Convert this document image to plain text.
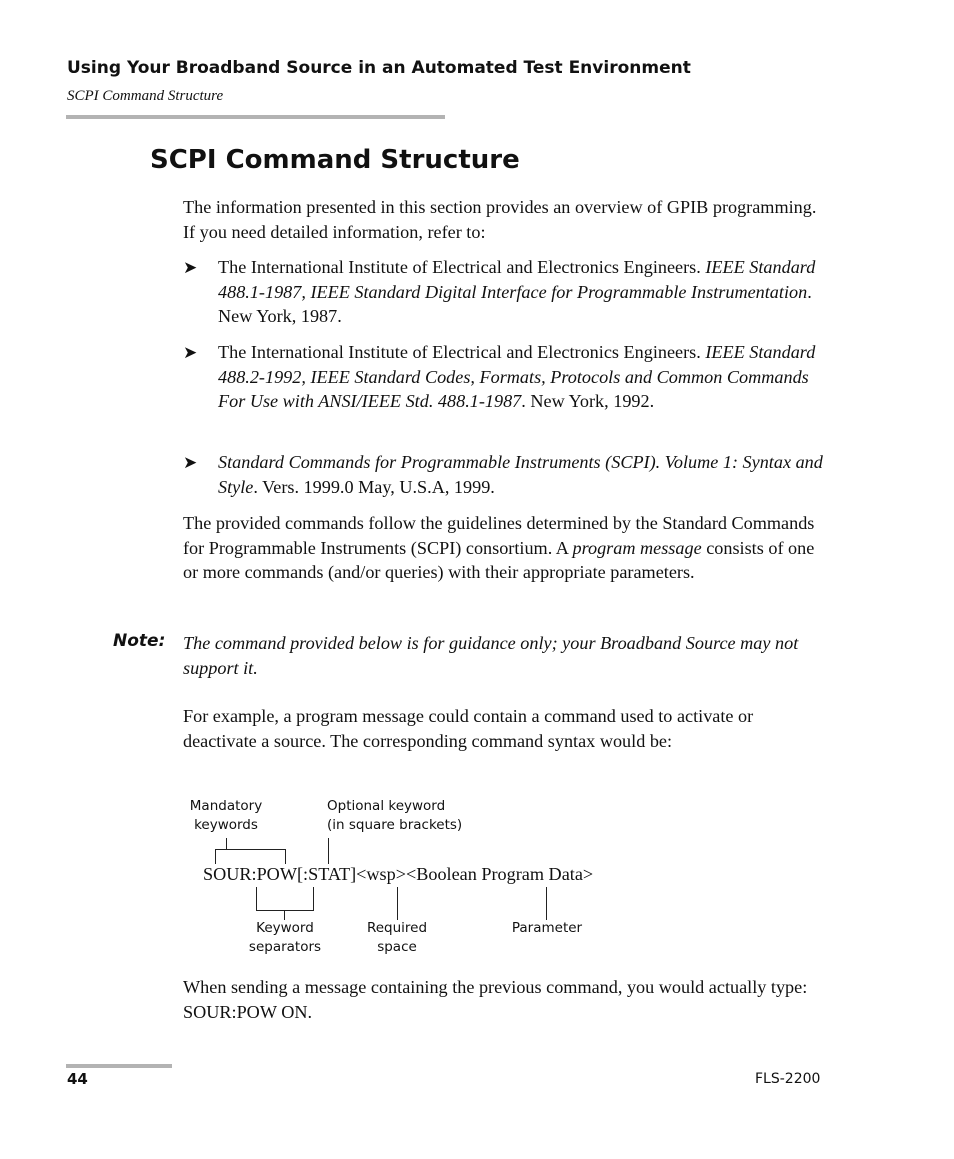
Using Your Broadband Source in an Automated Test Environment
SCPI Command Structure
SCPI Command Structure
The information presented in this section provides an overview of GPIB programming. If you need detailed information, refer to:
➤ The International Institute of Electrical and Electronics Engineers. IEEE Standard 488.1-1987, IEEE Standard Digital Interface for Programmable Instrumentation. New York, 1987.
➤ The International Institute of Electrical and Electronics Engineers. IEEE Standard 488.2-1992, IEEE Standard Codes, Formats, Protocols and Common Commands For Use with ANSI/IEEE Std. 488.1-1987. New York, 1992.
➤ Standard Commands for Programmable Instruments (SCPI). Volume 1: Syntax and Style. Vers. 1999.0 May, U.S.A, 1999.
The provided commands follow the guidelines determined by the Standard Commands for Programmable Instruments (SCPI) consortium. A program message consists of one or more commands (and/or queries) with their appropriate parameters.
Note: The command provided below is for guidance only; your Broadband Source may not support it.
For example, a program message could contain a command used to activate or deactivate a source. The corresponding command syntax would be:
Mandatory
keywords
Optional keyword
(in square brackets)
SOUR:POW[:STAT]<wsp><Boolean Program Data>
Keyword
separators
Required
space
Parameter
When sending a message containing the previous command, you would actually type: SOUR:POW ON.
44	FLS-2200
